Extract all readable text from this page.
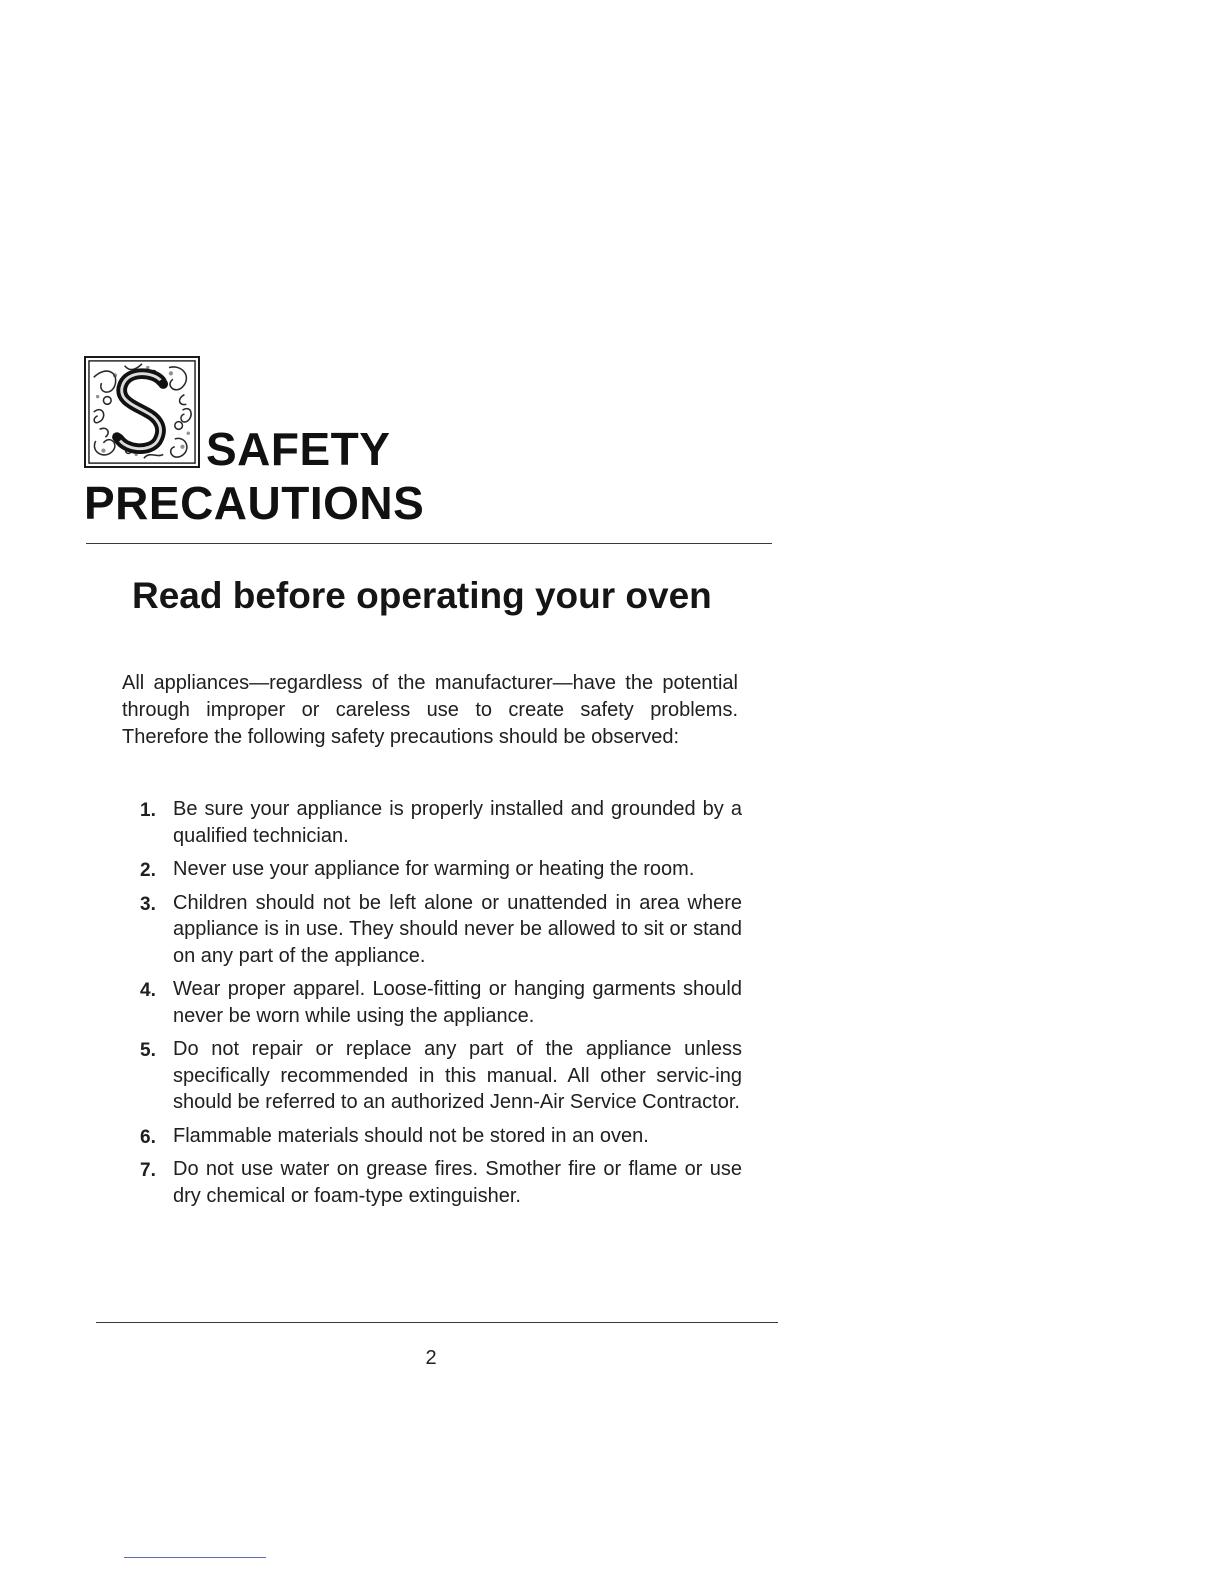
SAFETY
PRECAUTIONS
Read before operating your oven

All appliances—regardless of the manufacturer—have the potential through improper or careless use to create safety problems. Therefore the following safety precautions should be observed:

1. Be sure your appliance is properly installed and grounded by a qualified technician.
2. Never use your appliance for warming or heating the room.
3. Children should not be left alone or unattended in area where appliance is in use. They should never be allowed to sit or stand on any part of the appliance.
4. Wear proper apparel. Loose-fitting or hanging garments should never be worn while using the appliance.
5. Do not repair or replace any part of the appliance unless specifically recommended in this manual. All other servic-ing should be referred to an authorized Jenn-Air Service Contractor.
6. Flammable materials should not be stored in an oven.
7. Do not use water on grease fires. Smother fire or flame or use dry chemical or foam-type extinguisher.
2
